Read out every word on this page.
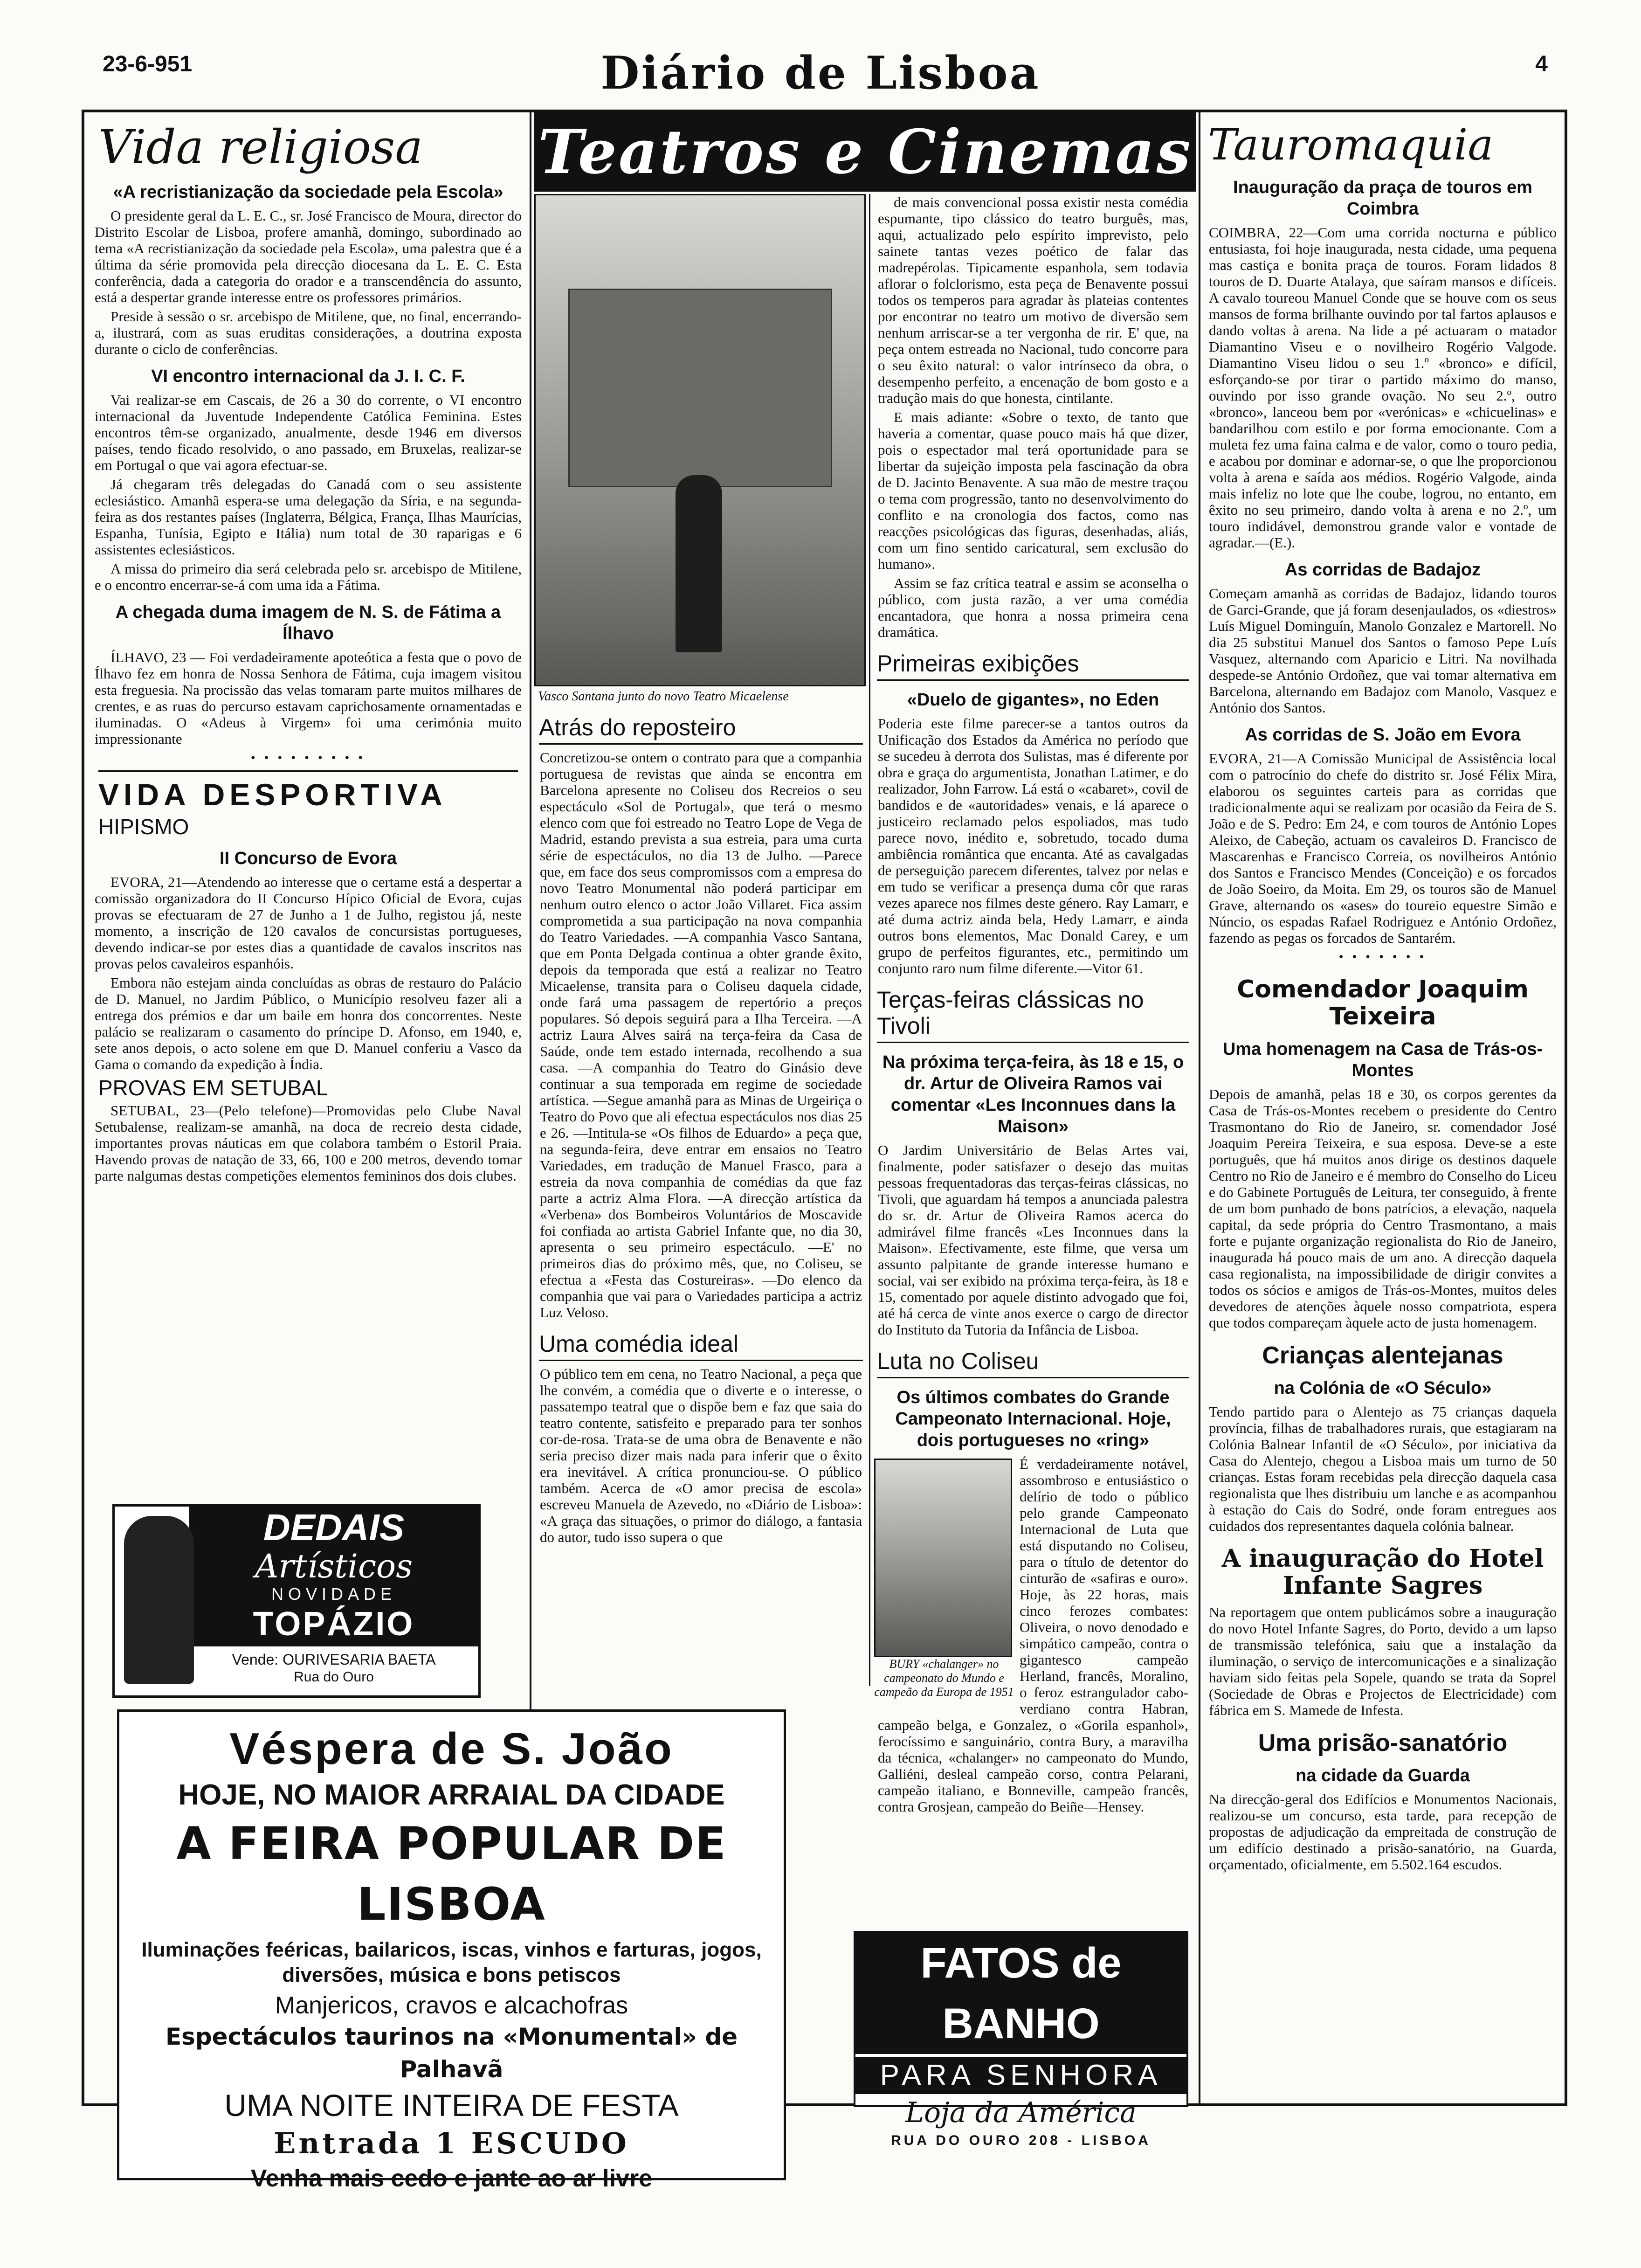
23-6-951	Diário de Lisboa	4
Vida religiosa
«A recristianização da sociedade pela Escola»

O presidente geral da L. E. C., sr. José Francisco de Moura, director do Distrito Escolar de Lisboa, profere amanhã, domingo, subordinado ao tema «A recristianização da sociedade pela Escola», uma palestra que é a última da série promovida pela direcção diocesana da L. E. C. Esta conferência, dada a categoria do orador e a transcendência do assunto, está a despertar grande interesse entre os professores primários.

Preside à sessão o sr. arcebispo de Mitilene, que, no final, encerrando-a, ilustrará, com as suas eruditas considerações, a doutrina exposta durante o ciclo de conferências.

VI encontro internacional da J. I. C. F.

Vai realizar-se em Cascais, de 26 a 30 do corrente, o VI encontro internacional da Juventude Independente Católica Feminina. Estes encontros têm-se organizado, anualmente, desde 1946 em diversos países, tendo ficado resolvido, o ano passado, em Bruxelas, realizar-se em Portugal o que vai agora efectuar-se.

Já chegaram três delegadas do Canadá com o seu assistente eclesiástico. Amanhã espera-se uma delegação da Síria, e na segunda-feira as dos restantes países (Inglaterra, Bélgica, França, Ilhas Maurícias, Espanha, Tunísia, Egipto e Itália) num total de 30 raparigas e 6 assistentes eclesiásticos.

A missa do primeiro dia será celebrada pelo sr. arcebispo de Mitilene, e o encontro encerrar-se-á com uma ida a Fátima.

A chegada duma imagem de N. S. de Fátima a Ílhavo

ÍLHAVO, 23 — Foi verdadeiramente apoteótica a festa que o povo de Ílhavo fez em honra de Nossa Senhora de Fátima, cuja imagem visitou esta freguesia. Na procissão das velas tomaram parte muitos milhares de crentes, e as ruas do percurso estavam caprichosamente ornamentadas e iluminadas. O «Adeus à Virgem» foi uma cerimónia muito impressionante

• • • • • • • • •
VIDA DESPORTIVA
HIPISMO
II Concurso de Evora

EVORA, 21—Atendendo ao interesse que o certame está a despertar a comissão organizadora do II Concurso Hípico Oficial de Evora, cujas provas se efectuaram de 27 de Junho a 1 de Julho, registou já, neste momento, a inscrição de 120 cavalos de concursistas portugueses, devendo indicar-se por estes dias a quantidade de cavalos inscritos nas provas pelos cavaleiros espanhóis.

Embora não estejam ainda concluídas as obras de restauro do Palácio de D. Manuel, no Jardim Público, o Município resolveu fazer ali a entrega dos prémios e dar um baile em honra dos concorrentes. Neste palácio se realizaram o casamento do príncipe D. Afonso, em 1940, e, sete anos depois, o acto solene em que D. Manuel conferiu a Vasco da Gama o comando da expedição à Índia.

PROVAS EM SETUBAL

SETUBAL, 23—(Pelo telefone)—Promovidas pelo Clube Naval Setubalense, realizam-se amanhã, na doca de recreio desta cidade, importantes provas náuticas em que colabora também o Estoril Praia. Havendo provas de natação de 33, 66, 100 e 200 metros, devendo tomar parte nalgumas destas competições elementos femininos dos dois clubes.

DEDAIS
Artísticos
NOVIDADE
TOPÁZIO
Vende: OURIVESARIA BAETA
Rua do Ouro
Teatros e Cinemas
Vasco Santana junto do novo Teatro Micaelense
Atrás do reposteiro
Concretizou-se ontem o contrato para que a companhia portuguesa de revistas que ainda se encontra em Barcelona apresente no Coliseu dos Recreios o seu espectáculo «Sol de Portugal», que terá o mesmo elenco com que foi estreado no Teatro Lope de Vega de Madrid, estando prevista a sua estreia, para uma curta série de espectáculos, no dia 13 de Julho. —Parece que, em face dos seus compromissos com a empresa do novo Teatro Monumental não poderá participar em nenhum outro elenco o actor João Villaret. Fica assim comprometida a sua participação na nova companhia do Teatro Variedades. —A companhia Vasco Santana, que em Ponta Delgada continua a obter grande êxito, depois da temporada que está a realizar no Teatro Micaelense, transita para o Coliseu daquela cidade, onde fará uma passagem de repertório a preços populares. Só depois seguirá para a Ilha Terceira. —A actriz Laura Alves sairá na terça-feira da Casa de Saúde, onde tem estado internada, recolhendo a sua casa. —A companhia do Teatro do Ginásio deve continuar a sua temporada em regime de sociedade artística. —Segue amanhã para as Minas de Urgeiriça o Teatro do Povo que ali efectua espectáculos nos dias 25 e 26. —Intitula-se «Os filhos de Eduardo» a peça que, na segunda-feira, deve entrar em ensaios no Teatro Variedades, em tradução de Manuel Frasco, para a estreia da nova companhia de comédias da que faz parte a actriz Alma Flora. —A direcção artística da «Verbena» dos Bombeiros Voluntários de Moscavide foi confiada ao artista Gabriel Infante que, no dia 30, apresenta o seu primeiro espectáculo. —E' no primeiros dias do próximo mês, que, no Coliseu, se efectua a «Festa das Costureiras». —Do elenco da companhia que vai para o Variedades participa a actriz Luz Veloso.
Uma comédia ideal
O público tem em cena, no Teatro Nacional, a peça que lhe convém, a comédia que o diverte e o interesse, o passatempo teatral que o dispõe bem e faz que saia do teatro contente, satisfeito e preparado para ter sonhos cor-de-rosa. Trata-se de uma obra de Benavente e não seria preciso dizer mais nada para inferir que o êxito era inevitável. A crítica pronunciou-se. O público também. Acerca de «O amor precisa de escola» escreveu Manuela de Azevedo, no «Diário de Lisboa»: «A graça das situações, o primor do diálogo, a fantasia do autor, tudo isso supera o que

de mais convencional possa existir nesta comédia espumante, tipo clássico do teatro burguês, mas, aqui, actualizado pelo espírito imprevisto, pelo sainete tantas vezes poético de falar das madrepérolas. Tipicamente espanhola, sem todavia aflorar o folclorismo, esta peça de Benavente possui todos os temperos para agradar às plateias contentes por encontrar no teatro um motivo de diversão sem nenhum arriscar-se a ter vergonha de rir. E' que, na peça ontem estreada no Nacional, tudo concorre para o seu êxito natural: o valor intrínseco da obra, o desempenho perfeito, a encenação de bom gosto e a tradução mais do que honesta, cintilante.

E mais adiante: «Sobre o texto, de tanto que haveria a comentar, quase pouco mais há que dizer, pois o espectador mal terá oportunidade para se libertar da sujeição imposta pela fascinação da obra de D. Jacinto Benavente. A sua mão de mestre traçou o tema com progressão, tanto no desenvolvimento do conflito e na cronologia dos factos, como nas reacções psicológicas das figuras, desenhadas, aliás, com um fino sentido caricatural, sem exclusão do humano».

Assim se faz crítica teatral e assim se aconselha o público, com justa razão, a ver uma comédia encantadora, que honra a nossa primeira cena dramática.

Primeiras exibições
«Duelo de gigantes», no Eden
Poderia este filme parecer-se a tantos outros da Unificação dos Estados da América no período que se sucedeu à derrota dos Sulistas, mas é diferente por obra e graça do argumentista, Jonathan Latimer, e do realizador, John Farrow. Lá está o «cabaret», covil de bandidos e de «autoridades» venais, e lá aparece o justiceiro reclamado pelos espoliados, mas tudo parece novo, inédito e, sobretudo, tocado duma ambiência romântica que encanta. Até as cavalgadas de perseguição parecem diferentes, talvez por nelas e em tudo se verificar a presença duma côr que raras vezes aparece nos filmes deste género. Ray Lamarr, e até duma actriz ainda bela, Hedy Lamarr, e ainda outros bons elementos, Mac Donald Carey, e um grupo de perfeitos figurantes, etc., permitindo um conjunto raro num filme diferente.—Vitor 61.
Terças-feiras clássicas no Tivoli
Na próxima terça-feira, às 18 e 15, o dr. Artur de Oliveira Ramos vai comentar «Les Inconnues dans la Maison»
O Jardim Universitário de Belas Artes vai, finalmente, poder satisfazer o desejo das muitas pessoas frequentadoras das terças-feiras clássicas, no Tivoli, que aguardam há tempos a anunciada palestra do sr. dr. Artur de Oliveira Ramos acerca do admirável filme francês «Les Inconnues dans la Maison». Efectivamente, este filme, que versa um assunto palpitante de grande interesse humano e social, vai ser exibido na próxima terça-feira, às 18 e 15, comentado por aquele distinto advogado que foi, até há cerca de vinte anos exerce o cargo de director do Instituto da Tutoria da Infância de Lisboa.
Luta no Coliseu
Os últimos combates do Grande Campeonato Internacional. Hoje, dois portugueses no «ring»
BURY «chalanger» no campeonato do Mundo e campeão da Europa de 1951
É verdadeiramente notável, assombroso e entusiástico o delírio de todo o público pelo grande Campeonato Internacional de Luta que está disputando no Coliseu, para o título de detentor do cinturão de «safiras e ouro». Hoje, às 22 horas, mais cinco ferozes combates: Oliveira, o novo denodado e simpático campeão, contra o gigantesco campeão Herland, francês, Moralino, o feroz estrangulador cabo-verdiano contra Habran, campeão belga, e Gonzalez, o «Gorila espanhol», ferocíssimo e sanguinário, contra Bury, a maravilha da técnica, «chalanger» no campeonato do Mundo, Galliéni, desleal campeão corso, contra Pelarani, campeão italiano, e Bonneville, campeão francês, contra Grosjean, campeão do Beiñe—Hensey.
FATOS de BANHO
PARA SENHORA
Loja da América
RUA DO OURO 208 - LISBOA
Tauromaquia
Inauguração da praça de touros em Coimbra
COIMBRA, 22—Com uma corrida nocturna e público entusiasta, foi hoje inaugurada, nesta cidade, uma pequena mas castiça e bonita praça de touros. Foram lidados 8 touros de D. Duarte Atalaya, que saíram mansos e difíceis. A cavalo toureou Manuel Conde que se houve com os seus mansos de forma brilhante ouvindo por tal fartos aplausos e dando voltas à arena. Na lide a pé actuaram o matador Diamantino Viseu e o novilheiro Rogério Valgode. Diamantino Viseu lidou o seu 1.º «bronco» e difícil, esforçando-se por tirar o partido máximo do manso, ouvindo por isso grande ovação. No seu 2.º, outro «bronco», lanceou bem por «verónicas» e «chicuelinas» e bandarilhou com estilo e por forma emocionante. Com a muleta fez uma faina calma e de valor, como o touro pedia, e acabou por dominar e adornar-se, o que lhe proporcionou volta à arena e saída aos médios. Rogério Valgode, ainda mais infeliz no lote que lhe coube, logrou, no entanto, em êxito no seu primeiro, dando volta à arena e no 2.º, um touro indidável, demonstrou grande valor e vontade de agradar.—(E.).
As corridas de Badajoz
Começam amanhã as corridas de Badajoz, lidando touros de Garci-Grande, que já foram desenjaulados, os «diestros» Luís Miguel Dominguín, Manolo Gonzalez e Martorell. No dia 25 substitui Manuel dos Santos o famoso Pepe Luís Vasquez, alternando com Aparicio e Litri. Na novilhada despede-se António Ordoñez, que vai tomar alternativa em Barcelona, alternando em Badajoz com Manolo, Vasquez e António dos Santos.
As corridas de S. João em Evora
EVORA, 21—A Comissão Municipal de Assistência local com o patrocínio do chefe do distrito sr. José Félix Mira, elaborou os seguintes carteis para as corridas que tradicionalmente aqui se realizam por ocasião da Feira de S. João e de S. Pedro: Em 24, e com touros de António Lopes Aleixo, de Cabeção, actuam os cavaleiros D. Francisco de Mascarenhas e Francisco Correia, os novilheiros António dos Santos e Francisco Mendes (Conceição) e os forcados de João Soeiro, da Moita. Em 29, os touros são de Manuel Grave, alternando os «ases» do toureio equestre Simão e Núncio, os espadas Rafael Rodriguez e António Ordoñez, fazendo as pegas os forcados de Santarém.
• • • • • • •
Comendador Joaquim Teixeira
Uma homenagem na Casa de Trás-os-Montes
Depois de amanhã, pelas 18 e 30, os corpos gerentes da Casa de Trás-os-Montes recebem o presidente do Centro Trasmontano do Rio de Janeiro, sr. comendador José Joaquim Pereira Teixeira, e sua esposa. Deve-se a este português, que há muitos anos dirige os destinos daquele Centro no Rio de Janeiro e é membro do Conselho do Liceu e do Gabinete Português de Leitura, ter conseguido, à frente de um bom punhado de bons patrícios, a elevação, naquela capital, da sede própria do Centro Trasmontano, a mais forte e pujante organização regionalista do Rio de Janeiro, inaugurada há pouco mais de um ano. A direcção daquela casa regionalista, na impossibilidade de dirigir convites a todos os sócios e amigos de Trás-os-Montes, muitos deles devedores de atenções àquele nosso compatriota, espera que todos compareçam àquele acto de justa homenagem.
Crianças alentejanas
na Colónia de «O Século»
Tendo partido para o Alentejo as 75 crianças daquela província, filhas de trabalhadores rurais, que estagiaram na Colónia Balnear Infantil de «O Século», por iniciativa da Casa do Alentejo, chegou a Lisboa mais um turno de 50 crianças. Estas foram recebidas pela direcção daquela casa regionalista que lhes distribuiu um lanche e as acompanhou à estação do Cais do Sodré, onde foram entregues aos cuidados dos representantes daquela colónia balnear.
A inauguração do Hotel Infante Sagres
Na reportagem que ontem publicámos sobre a inauguração do novo Hotel Infante Sagres, do Porto, devido a um lapso de transmissão telefónica, saiu que a instalação da iluminação, o serviço de intercomunicações e a sinalização haviam sido feitas pela Sopele, quando se trata da Soprel (Sociedade de Obras e Projectos de Electricidade) com fábrica em S. Mamede de Infesta.
Uma prisão-sanatório
na cidade da Guarda
Na direcção-geral dos Edifícios e Monumentos Nacionais, realizou-se um concurso, esta tarde, para recepção de propostas de adjudicação da empreitada de construção de um edifício destinado a prisão-sanatório, na Guarda, orçamentado, oficialmente, em 5.502.164 escudos.
Véspera de S. João
HOJE, NO MAIOR ARRAIAL DA CIDADE
A FEIRA POPULAR DE LISBOA
Iluminações feéricas, bailaricos, iscas, vinhos e farturas, jogos, diversões, música e bons petiscos
Manjericos, cravos e alcachofras
Espectáculos taurinos na «Monumental» de Palhavã
UMA NOITE INTEIRA DE FESTA
Entrada 1 ESCUDO
Venha mais cedo e jante ao ar livre
